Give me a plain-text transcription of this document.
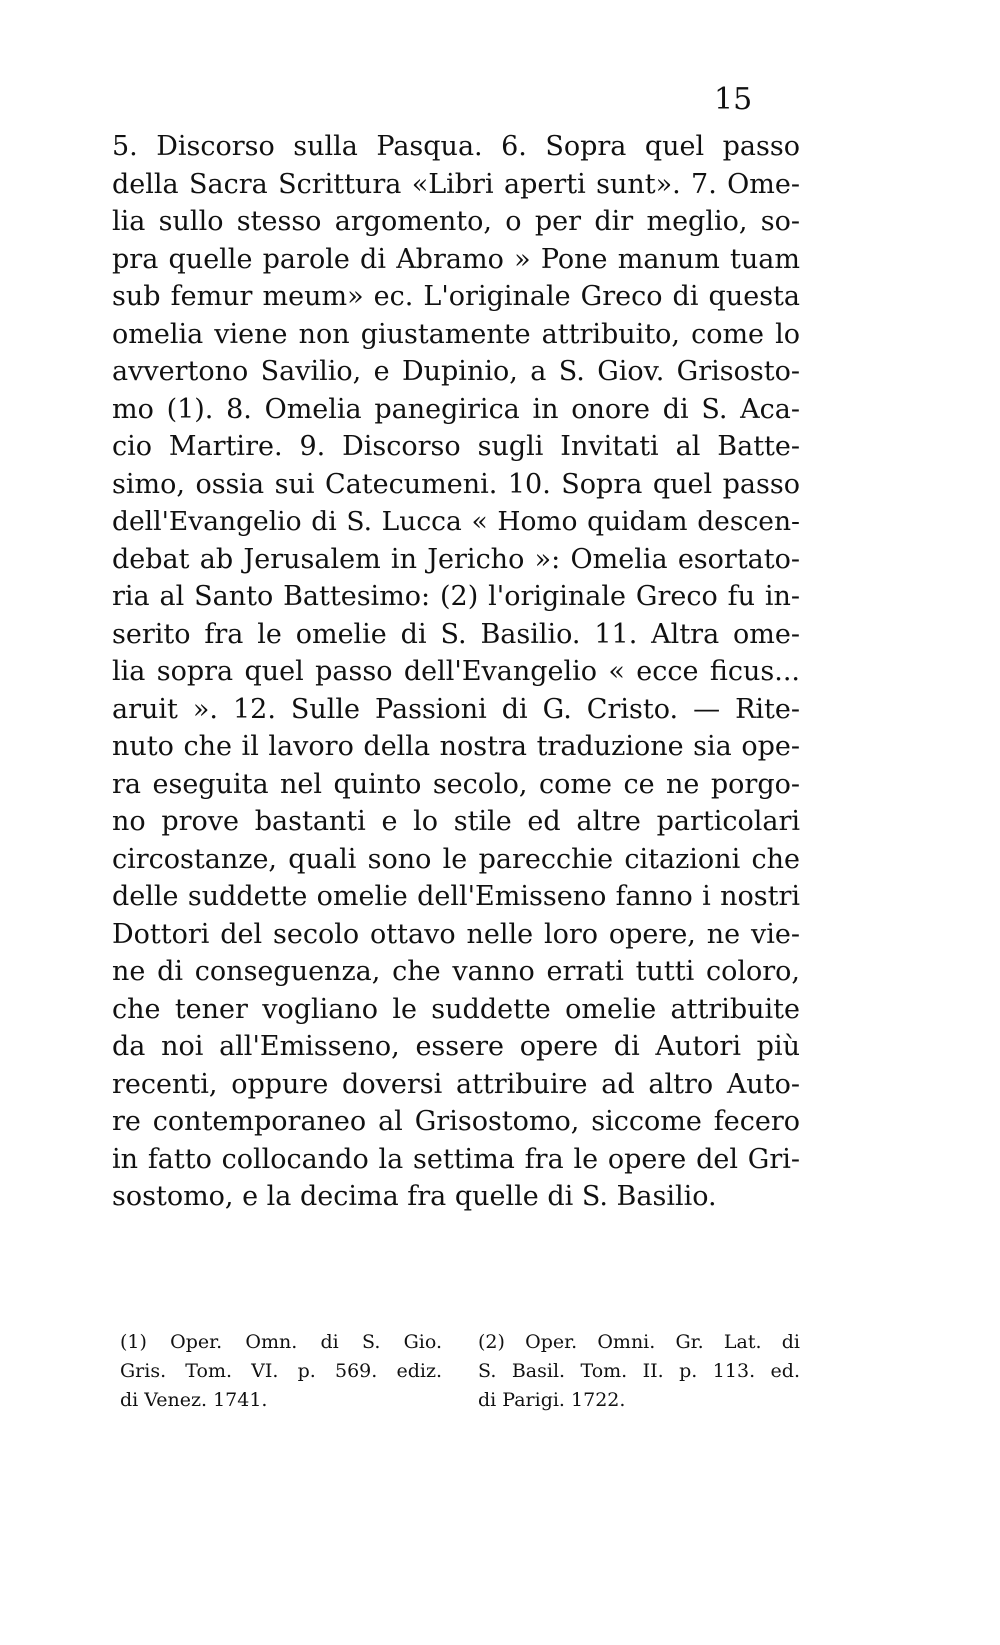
15
5. Discorso sulla Pasqua. 6. Sopra quel passo
della Sacra Scrittura «Libri aperti sunt». 7. Ome-
lia sullo stesso argomento, o per dir meglio, so-
pra quelle parole di Abramo » Pone manum tuam
sub femur meum» ec. L'originale Greco di questa
omelia viene non giustamente attribuito, come lo
avvertono Savilio, e Dupinio, a S. Giov. Grisosto-
mo (1). 8. Omelia panegirica in onore di S. Aca-
cio Martire. 9. Discorso sugli Invitati al Batte-
simo, ossia sui Catecumeni. 10. Sopra quel passo
dell'Evangelio di S. Lucca « Homo quidam descen-
debat ab Jerusalem in Jericho »: Omelia esortato-
ria al Santo Battesimo: (2) l'originale Greco fu in-
serito fra le omelie di S. Basilio. 11. Altra ome-
lia sopra quel passo dell'Evangelio « ecce ficus...
aruit ». 12. Sulle Passioni di G. Cristo. — Rite-
nuto che il lavoro della nostra traduzione sia ope-
ra eseguita nel quinto secolo, come ce ne porgo-
no prove bastanti e lo stile ed altre particolari
circostanze, quali sono le parecchie citazioni che
delle suddette omelie dell'Emisseno fanno i nostri
Dottori del secolo ottavo nelle loro opere, ne vie-
ne di conseguenza, che vanno errati tutti coloro,
che tener vogliano le suddette omelie attribuite
da noi all'Emisseno, essere opere di Autori più
recenti, oppure doversi attribuire ad altro Auto-
re contemporaneo al Grisostomo, siccome fecero
in fatto collocando la settima fra le opere del Gri-
sostomo, e la decima fra quelle di S. Basilio.
(1) Oper. Omn. di S. Gio.
Gris. Tom. VI. p. 569. ediz.
di Venez. 1741.
(2) Oper. Omni. Gr. Lat. di
S. Basil. Tom. II. p. 113. ed.
di Parigi. 1722.
